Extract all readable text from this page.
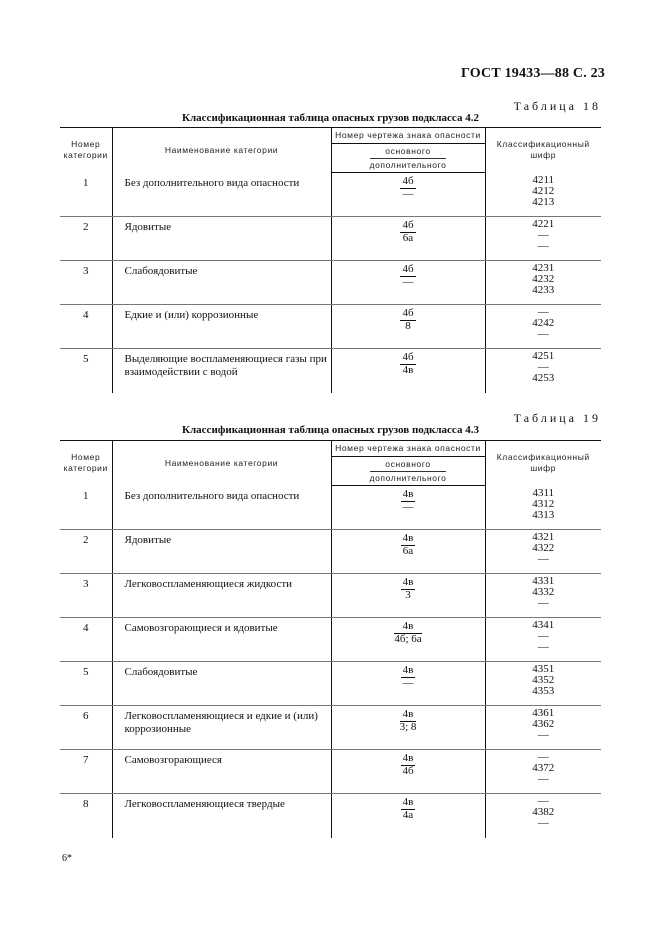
ГОСТ 19433—88 С. 23
Таблица 18
Классификационная таблица опасных грузов подкласса 4.2
Номер категории	Наименование категории	Номер чертежа знака опасности	Классификационный шифр

		основного
дополнительного	

1	Без дополнительного вида опасности	$\frac{4б}{—}$	4211
4212
4213

2	Ядовитые	$\frac{4б}{6а}$	4221
—
—

3	Слабоядовитые	$\frac{4б}{—}$	4231
4232
4233

4	Едкие и (или) коррозионные	$\frac{4б}{8}$	—
4242
—

5	Выделяющие воспламеняющиеся газы при взаимодействии с водой	$\frac{4б}{4в}$	4251
—
4253
Таблица 19
Классификационная таблица опасных грузов подкласса 4.3
Номер категории	Наименование категории	Номер чертежа знака опасности	Классификационный шифр

		основного
дополнительного	

1	Без дополнительного вида опасности	$\frac{4в}{—}$	4311
4312
4313

2	Ядовитые	$\frac{4в}{6а}$	4321
4322
—

3	Легковоспламеняющиеся жидкости	$\frac{4в}{3}$	4331
4332
—

4	Самовозгорающиеся и ядовитые	$\frac{4в}{4б; 6а}$	4341
—
—

5	Слабоядовитые	$\frac{4в}{—}$	4351
4352
4353

6	Легковоспламеняющиеся и едкие и (или) коррозионные	$\frac{4в}{3; 8}$	4361
4362
—

7	Самовозгорающиеся	$\frac{4в}{4б}$	—
4372
—

8	Легковоспламеняющиеся твердые	$\frac{4в}{4а}$	—
4382
—
6*
